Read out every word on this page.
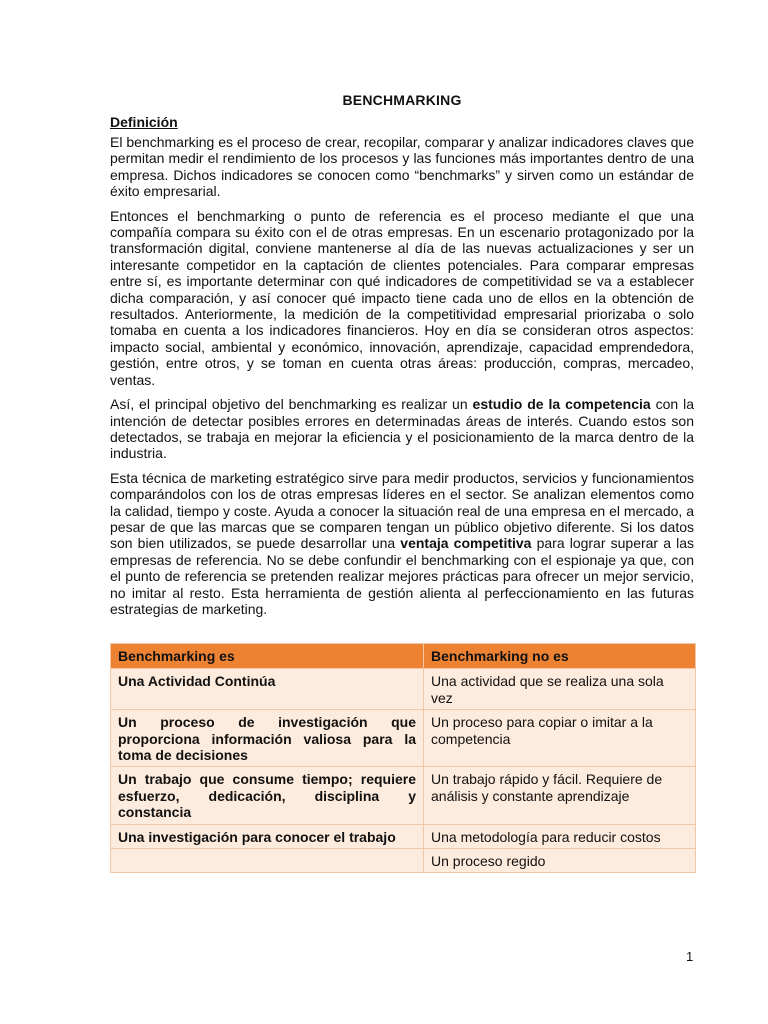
BENCHMARKING
Definición

El benchmarking es el proceso de crear, recopilar, comparar y analizar indicadores claves que permitan medir el rendimiento de los procesos y las funciones más importantes dentro de una empresa. Dichos indicadores se conocen como “benchmarks” y sirven como un estándar de éxito empresarial.

Entonces el benchmarking o punto de referencia es el proceso mediante el que una compañía compara su éxito con el de otras empresas. En un escenario protagonizado por la transformación digital, conviene mantenerse al día de las nuevas actualizaciones y ser un interesante competidor en la captación de clientes potenciales. Para comparar empresas entre sí, es importante determinar con qué indicadores de competitividad se va a establecer dicha comparación, y así conocer qué impacto tiene cada uno de ellos en la obtención de resultados. Anteriormente, la medición de la competitividad empresarial priorizaba o solo tomaba en cuenta a los indicadores financieros. Hoy en día se consideran otros aspectos: impacto social, ambiental y económico, innovación, aprendizaje, capacidad emprendedora, gestión, entre otros, y se toman en cuenta otras áreas: producción, compras, mercadeo, ventas.

Así, el principal objetivo del benchmarking es realizar un estudio de la competencia con la intención de detectar posibles errores en determinadas áreas de interés. Cuando estos son detectados, se trabaja en mejorar la eficiencia y el posicionamiento de la marca dentro de la industria.

Esta técnica de marketing estratégico sirve para medir productos, servicios y funcionamientos comparándolos con los de otras empresas líderes en el sector. Se analizan elementos como la calidad, tiempo y coste. Ayuda a conocer la situación real de una empresa en el mercado, a pesar de que las marcas que se comparen tengan un público objetivo diferente. Si los datos son bien utilizados, se puede desarrollar una ventaja competitiva para lograr superar a las empresas de referencia. No se debe confundir el benchmarking con el espionaje ya que, con el punto de referencia se pretenden realizar mejores prácticas para ofrecer un mejor servicio, no imitar al resto. Esta herramienta de gestión alienta al perfeccionamiento en las futuras estrategias de marketing.

Benchmarking es	Benchmarking no es
Una Actividad Continúa	Una actividad que se realiza una sola vez
Un proceso de investigación que proporciona información valiosa para la toma de decisiones	Un proceso para copiar o imitar a la competencia
Un trabajo que consume tiempo; requiere esfuerzo, dedicación, disciplina y constancia	Un trabajo rápido y fácil. Requiere de análisis y constante aprendizaje
Una investigación para conocer el trabajo	Una metodología para reducir costos
	Un proceso regido
1
